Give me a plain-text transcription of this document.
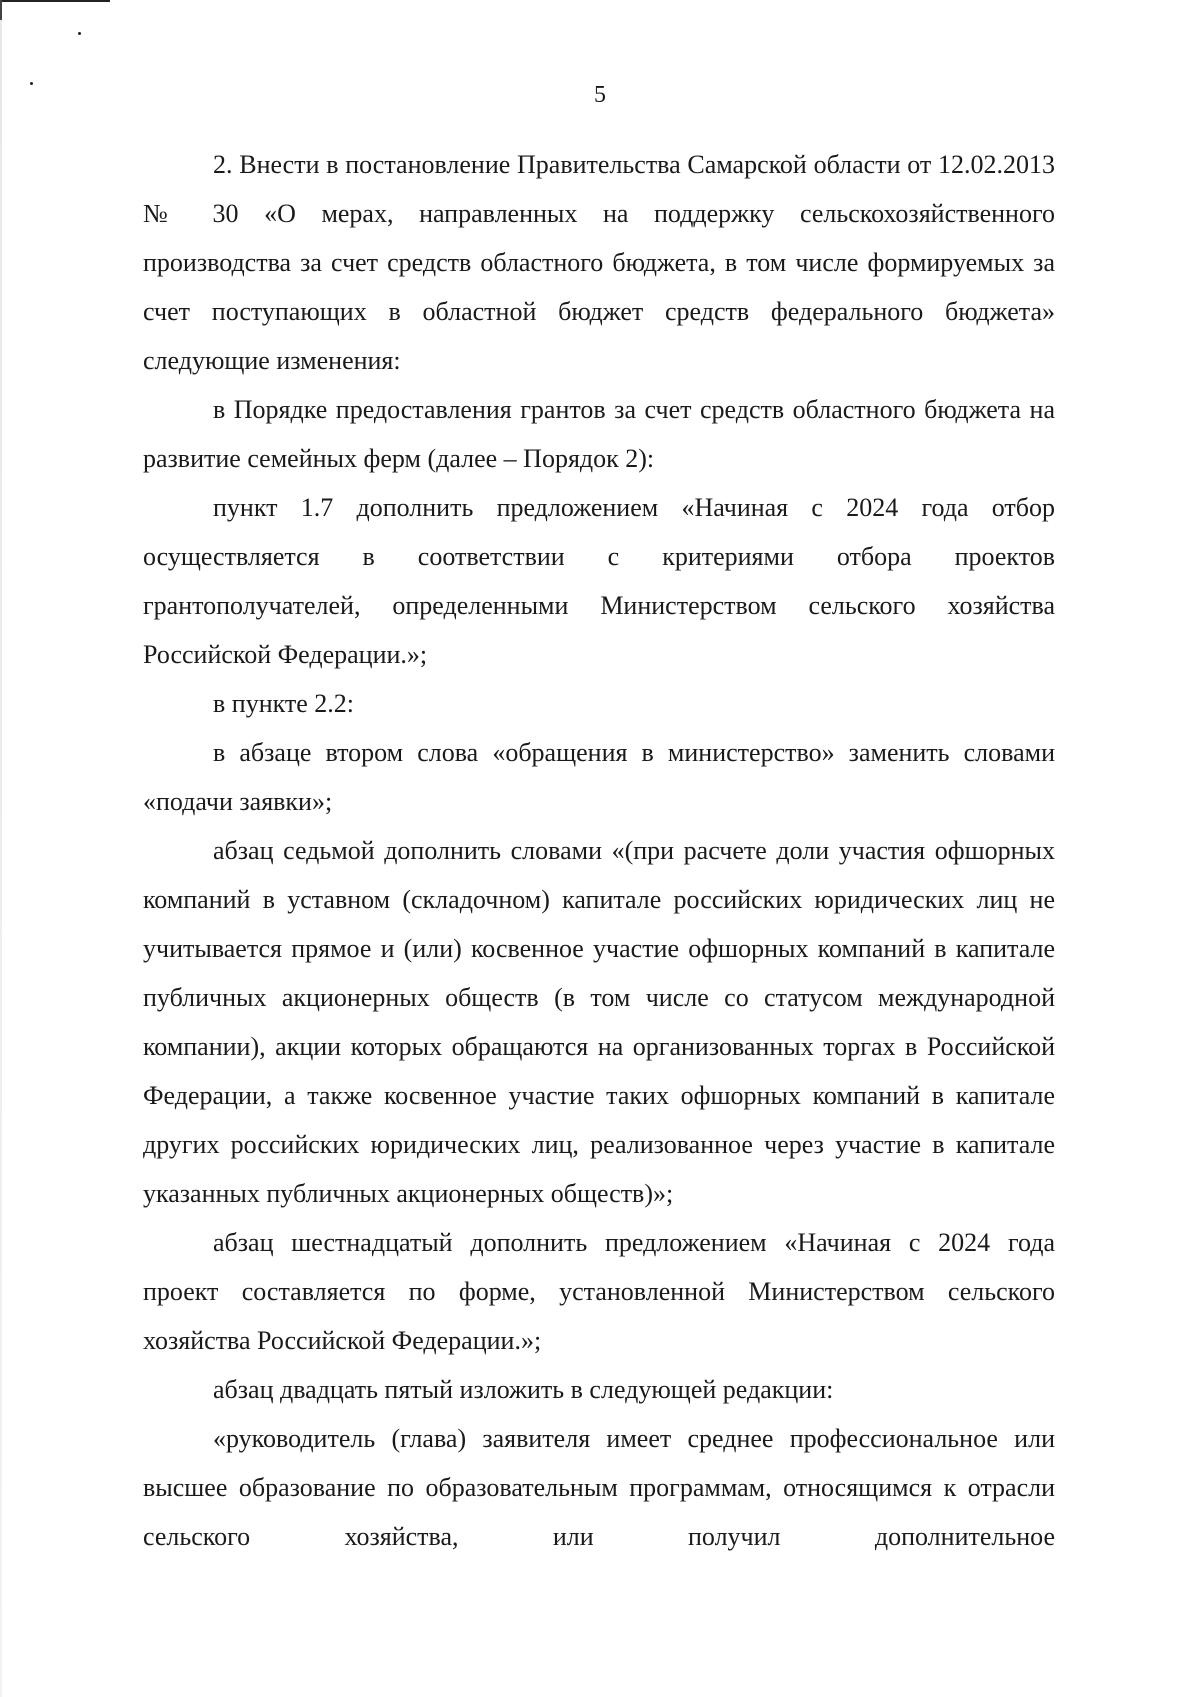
5

2. Внести в постановление Правительства Самарской области от 12.02.2013 № 30 «О мерах, направленных на поддержку сельскохозяйственного производства за счет средств областного бюджета, в том числе формируемых за счет поступающих в областной бюджет средств федерального бюджета» следующие изменения:

в Порядке предоставления грантов за счет средств областного бюджета на развитие семейных ферм (далее – Порядок 2):

пункт 1.7 дополнить предложением «Начиная с 2024 года отбор осуществляется в соответствии с критериями отбора проектов грантополучателей, определенными Министерством сельского хозяйства Российской Федерации.»;

в пункте 2.2:

в абзаце втором слова «обращения в министерство» заменить словами «подачи заявки»;

абзац седьмой дополнить словами «(при расчете доли участия офшорных компаний в уставном (складочном) капитале российских юридических лиц не учитывается прямое и (или) косвенное участие офшорных компаний в капитале публичных акционерных обществ (в том числе со статусом международной компании), акции которых обращаются на организованных торгах в Российской Федерации, а также косвенное участие таких офшорных компаний в капитале других российских юридических лиц, реализованное через участие в капитале указанных публичных акционерных обществ)»;

абзац шестнадцатый дополнить предложением «Начиная с 2024 года проект составляется по форме, установленной Министерством сельского хозяйства Российской Федерации.»;

абзац двадцать пятый изложить в следующей редакции:

«руководитель (глава) заявителя имеет среднее профессиональное или высшее образование по образовательным программам, относящимся к отрасли сельского хозяйства, или получил дополнительное
